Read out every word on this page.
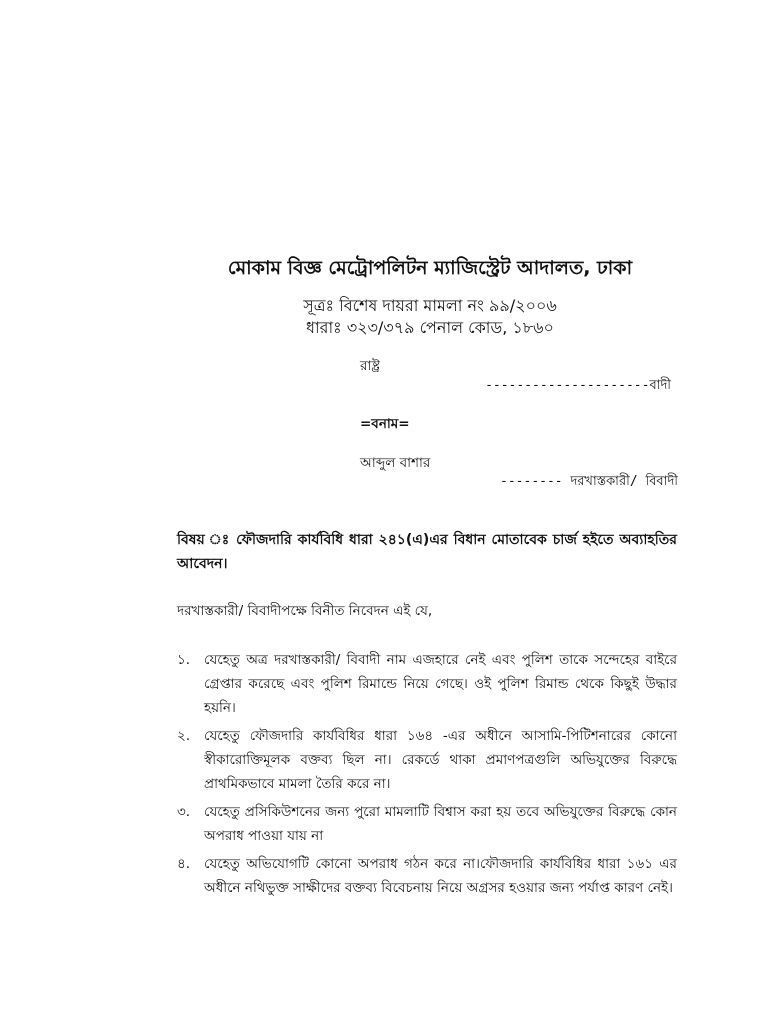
মোকাম বিজ্ঞ মেট্রোপলিটন ম্যাজিস্ট্রেট আদালত, ঢাকা
সূত্রঃ বিশেষ দায়রা মামলা নং ৯৯/২০০৬
ধারাঃ ৩২৩/৩৭৯ পেনাল কোড, ১৮৬০
রাষ্ট্র
---------------------বাদী
=বনাম=
আব্দুল বাশার
-------- দরখাস্তকারী/ বিবাদী
বিষয় ঃ ফৌজদারি কার্যবিধি ধারা ২৪১(এ)এর বিধান মোতাবেক চার্জ হইতে অব্যাহতির আবেদন।
দরখাস্তকারী/ বিবাদীপক্ষে বিনীত নিবেদন এই যে,
১. যেহেতু অত্র দরখাস্তকারী/ বিবাদী নাম এজহারে নেই এবং পুলিশ তাকে সন্দেহের বাইরে গ্রেপ্তার করেছে এবং পুলিশ রিমান্ডে নিয়ে গেছে। ওই পুলিশ রিমান্ড থেকে কিছুই উদ্ধার হয়নি।
২. যেহেতু ফৌজদারি কার্যবিধির ধারা ১৬৪ -এর অধীনে আসামি-পিটিশনারের কোনো স্বীকারোক্তিমূলক বক্তব্য ছিল না। রেকর্ডে থাকা প্রমাণপত্রগুলি অভিযুক্তের বিরুদ্ধে প্রাথমিকভাবে মামলা তৈরি করে না।
৩. যেহেতু প্রসিকিউশনের জন্য পুরো মামলাটি বিশ্বাস করা হয় তবে অভিযুক্তের বিরুদ্ধে কোন অপরাধ পাওয়া যায় না
৪. যেহেতু অভিযোগটি কোনো অপরাধ গঠন করে না।ফৌজদারি কার্যবিধির ধারা ১৬১ এর অধীনে নথিভুক্ত সাক্ষীদের বক্তব্য বিবেচনায় নিয়ে অগ্রসর হওয়ার জন্য পর্যাপ্ত কারণ নেই।
